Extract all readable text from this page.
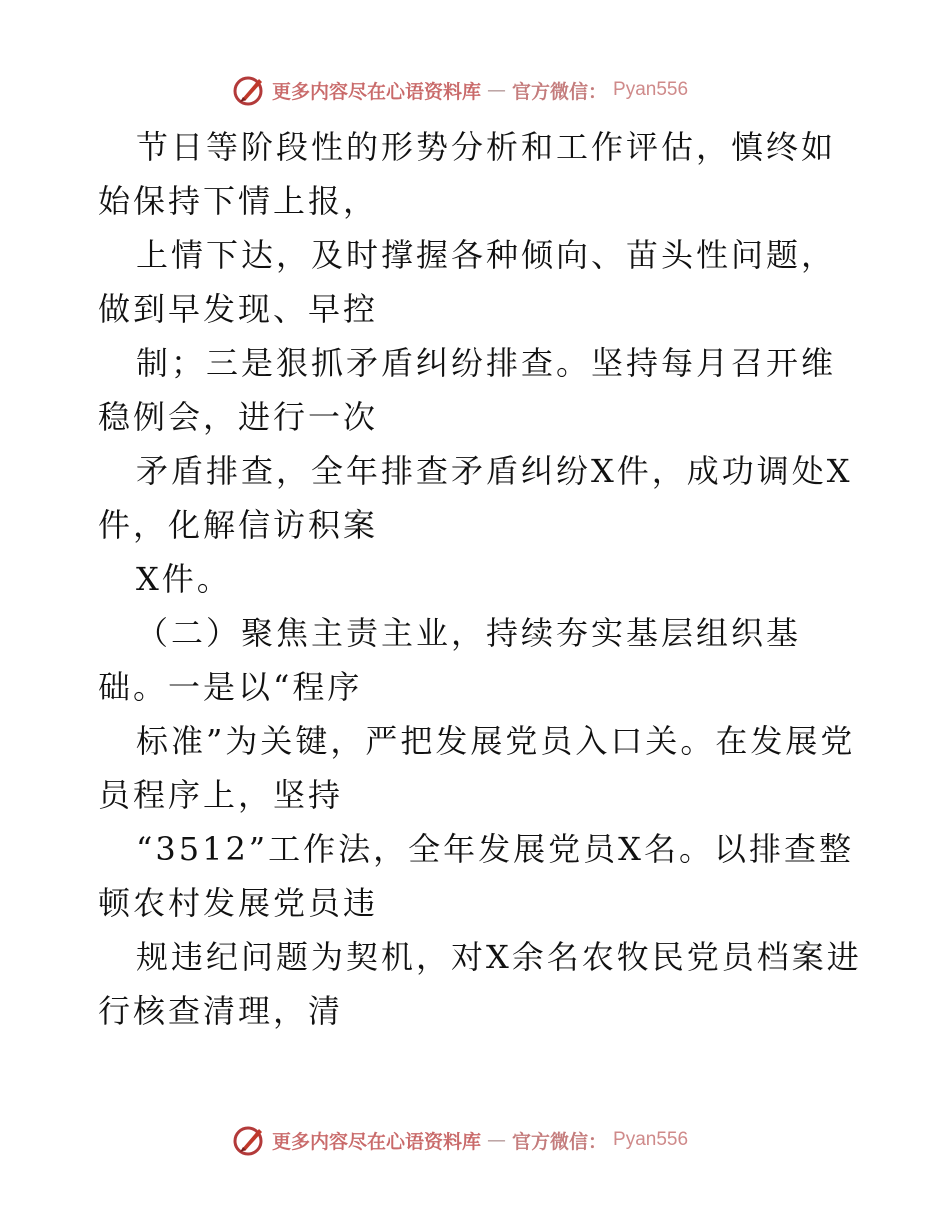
更多内容尽在心语资料库 — 官方微信： Pyan556

节日等阶段性的形势分析和工作评估，慎终如始保持下情上报，

上情下达，及时撑握各种倾向、苗头性问题，做到早发现、早控

制；三是狠抓矛盾纠纷排查。坚持每月召开维稳例会，进行一次

矛盾排查，全年排查矛盾纠纷X件，成功调处X件，化解信访积案

X件。

（二）聚焦主责主业，持续夯实基层组织基础。一是以“程序

标准”为关键，严把发展党员入口关。在发展党员程序上，坚持

“3512”工作法，全年发展党员X名。以排查整顿农村发展党员违

规违纪问题为契机，对X余名农牧民党员档案进行核查清理，清

更多内容尽在心语资料库 — 官方微信： Pyan556
